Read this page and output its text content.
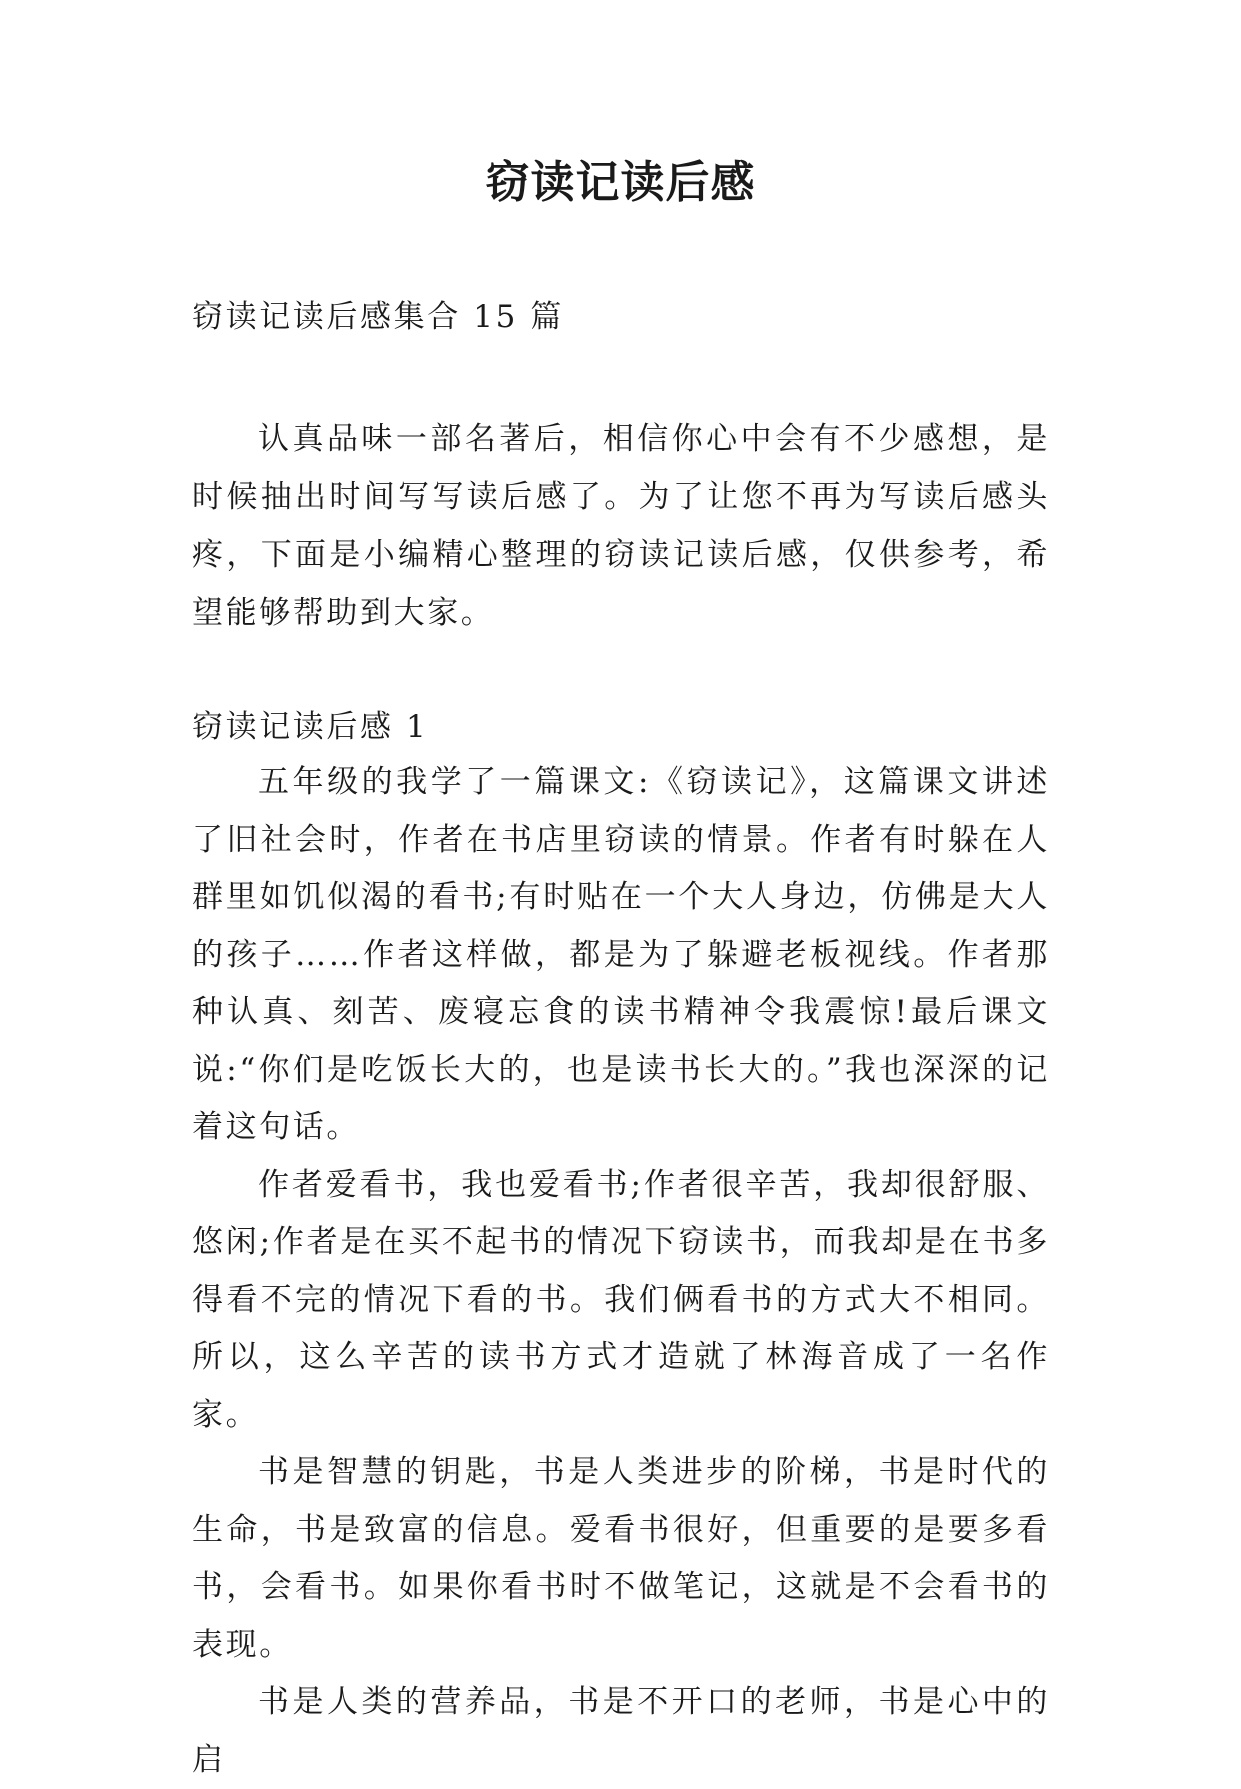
窃读记读后感

窃读记读后感集合 15 篇

认真品味一部名著后，相信你心中会有不少感想，是时候抽出时间写写读后感了。为了让您不再为写读后感头疼，下面是小编精心整理的窃读记读后感，仅供参考，希望能够帮助到大家。

窃读记读后感 1

五年级的我学了一篇课文:《窃读记》，这篇课文讲述了旧社会时，作者在书店里窃读的情景。作者有时躲在人群里如饥似渴的看书;有时贴在一个大人身边，仿佛是大人的孩子……作者这样做，都是为了躲避老板视线。作者那种认真、刻苦、废寝忘食的读书精神令我震惊!最后课文说:“你们是吃饭长大的，也是读书长大的。”我也深深的记着这句话。

作者爱看书，我也爱看书;作者很辛苦，我却很舒服、悠闲;作者是在买不起书的情况下窃读书，而我却是在书多得看不完的情况下看的书。我们俩看书的方式大不相同。所以，这么辛苦的读书方式才造就了林海音成了一名作家。

书是智慧的钥匙，书是人类进步的阶梯，书是时代的生命，书是致富的信息。爱看书很好，但重要的是要多看书，会看书。如果你看书时不做笔记，这就是不会看书的表现。

书是人类的营养品，书是不开口的老师，书是心中的启
